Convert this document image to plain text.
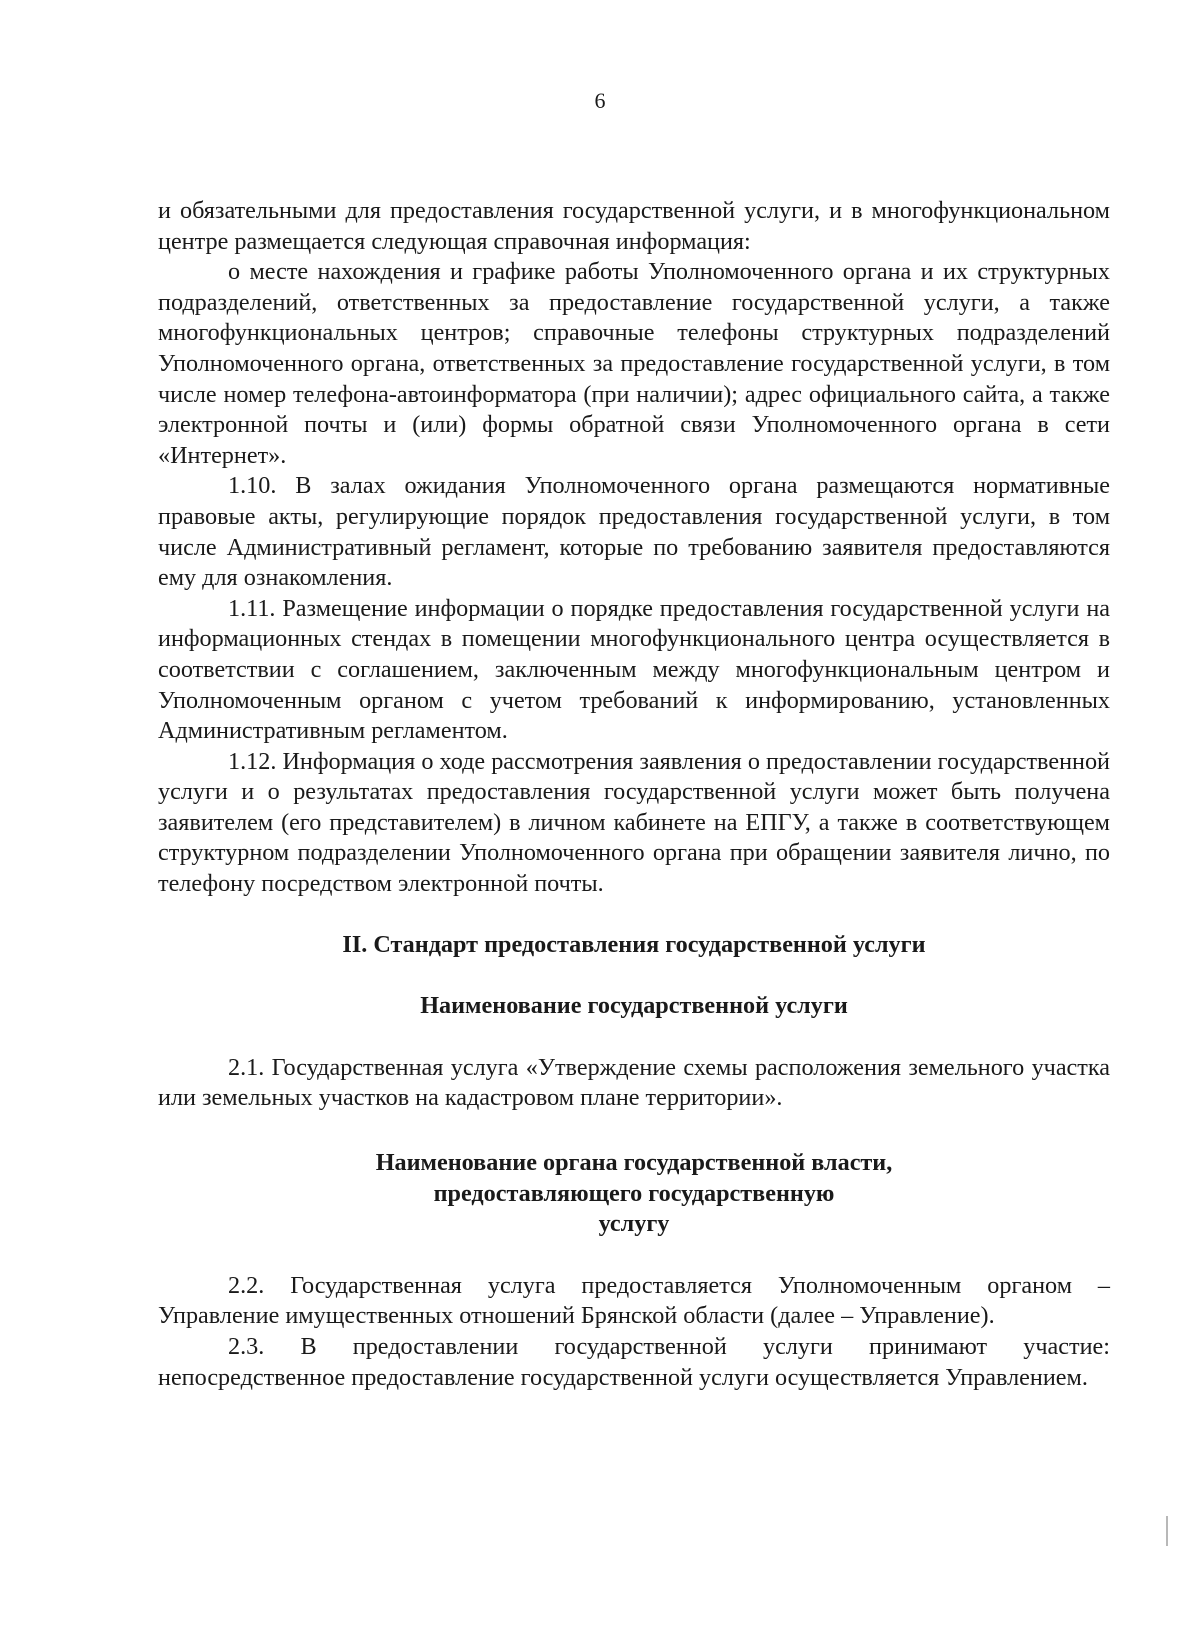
6

и обязательными для предоставления государственной услуги, и в многофункциональном центре размещается следующая справочная информация:

о месте нахождения и графике работы Уполномоченного органа и их структурных подразделений, ответственных за предоставление государственной услуги, а также многофункциональных центров; справочные телефоны структурных подразделений Уполномоченного органа, ответственных за предоставление государственной услуги, в том числе номер телефона-автоинформатора (при наличии); адрес официального сайта, а также электронной почты и (или) формы обратной связи Уполномоченного органа в сети «Интернет».

1.10. В залах ожидания Уполномоченного органа размещаются нормативные правовые акты, регулирующие порядок предоставления государственной услуги, в том числе Административный регламент, которые по требованию заявителя предоставляются ему для ознакомления.

1.11. Размещение информации о порядке предоставления государственной услуги на информационных стендах в помещении многофункционального центра осуществляется в соответствии с соглашением, заключенным между многофункциональным центром и Уполномоченным органом с учетом требований к информированию, установленных Административным регламентом.

1.12. Информация о ходе рассмотрения заявления о предоставлении государственной услуги и о результатах предоставления государственной услуги может быть получена заявителем (его представителем) в личном кабинете на ЕПГУ, а также в соответствующем структурном подразделении Уполномоченного органа при обращении заявителя лично, по телефону посредством электронной почты.

II. Стандарт предоставления государственной услуги

Наименование государственной услуги

2.1. Государственная услуга «Утверждение схемы расположения земельного участка или земельных участков на кадастровом плане территории».

Наименование органа государственной власти,
предоставляющего государственную
услугу

2.2. Государственная услуга предоставляется Уполномоченным органом – Управление имущественных отношений Брянской области (далее – Управление).

2.3. В предоставлении государственной услуги принимают участие: непосредственное предоставление государственной услуги осуществляется Управлением.
